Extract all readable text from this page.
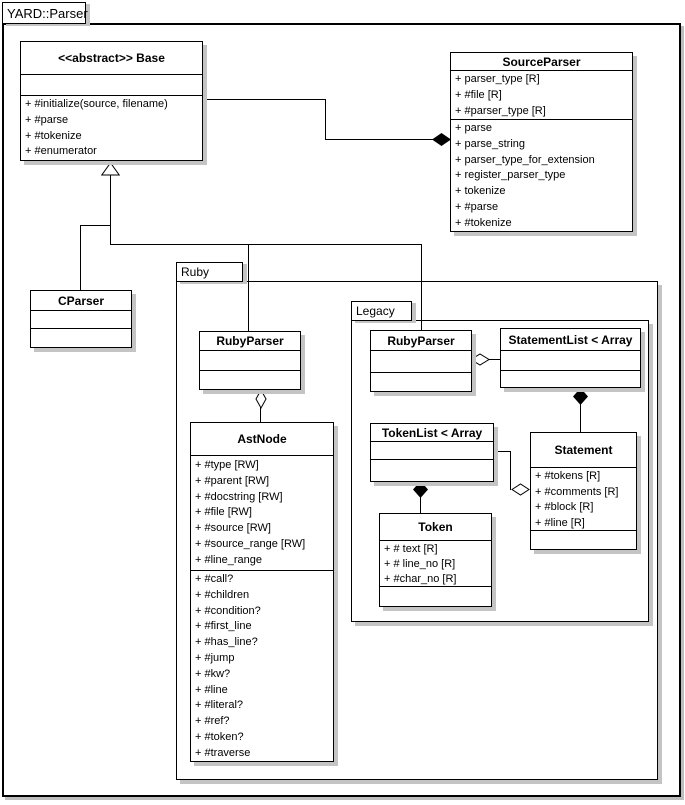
YARD::Parser
Ruby
Legacy
<<abstract>> Base
+ #initialize(source, filename)
+ #parse
+ #tokenize
+ #enumerator
SourceParser
+ parser_type [R]
+ #file [R]
+ #parser_type [R]
+ parse
+ parse_string
+ parser_type_for_extension
+ register_parser_type
+ tokenize
+ #parse
+ #tokenize
CParser
RubyParser
AstNode
+ #type [RW]
+ #parent [RW]
+ #docstring [RW]
+ #file [RW]
+ #source [RW]
+ #source_range [RW]
+ #line_range
+ #call?
+ #children
+ #condition?
+ #first_line
+ #has_line?
+ #jump
+ #kw?
+ #line
+ #literal?
+ #ref?
+ #token?
+ #traverse
RubyParser	StatementList < Array
TokenList < Array
Token
+ # text [R]
+ # line_no [R]
+ #char_no [R]
Statement
+ #tokens [R]
+ #comments [R]
+ #block [R]
+ #line [R]
